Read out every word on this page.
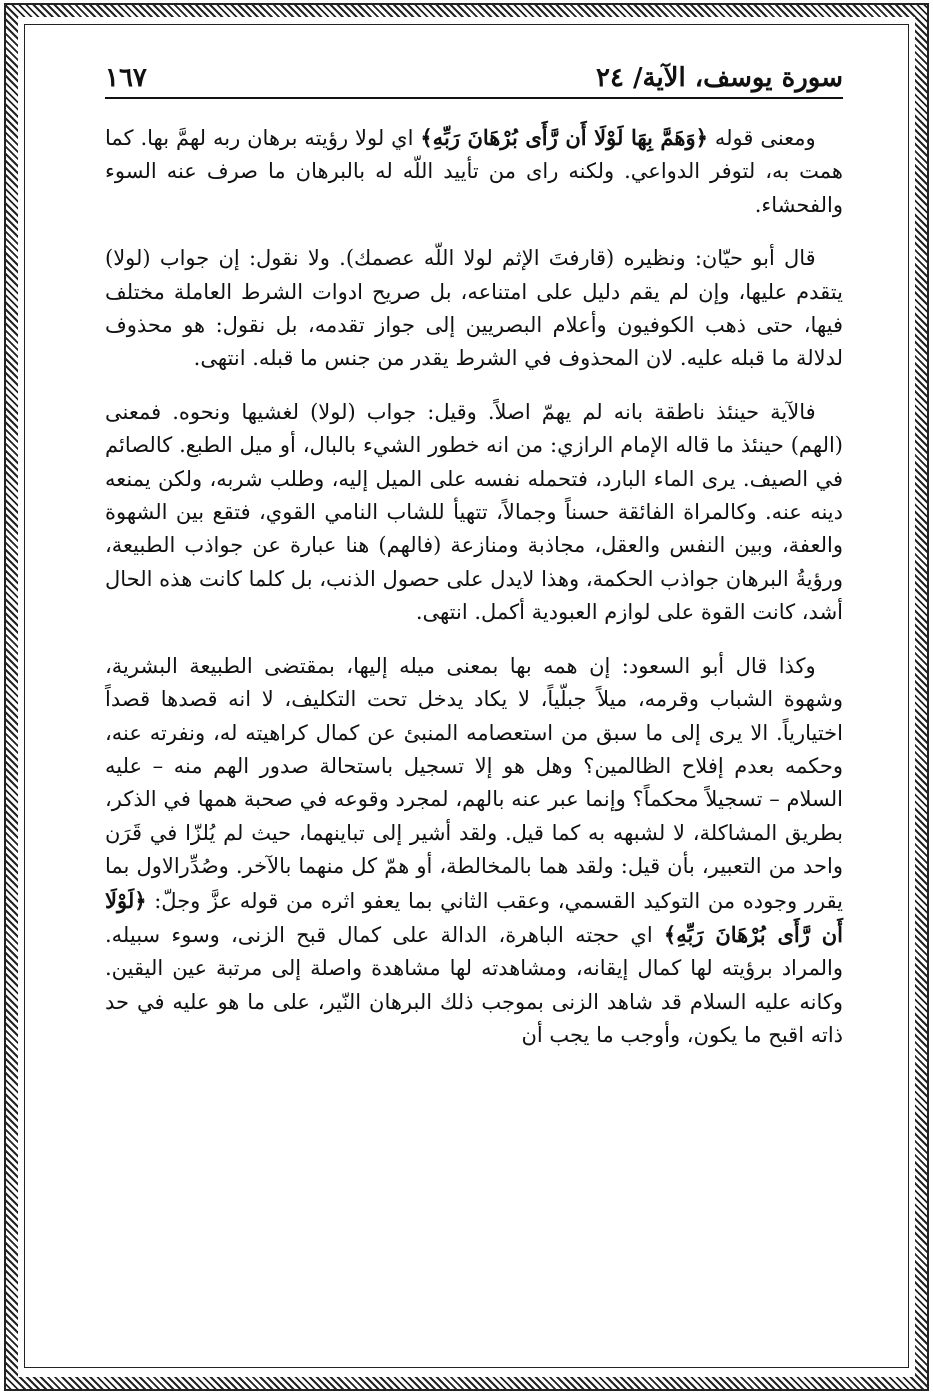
سورة يوسف، الآية/ ٢٤
١٦٧

ومعنى قوله ﴿وَهَمَّ بِهَا لَوْلَا أَن رَّأَى بُرْهَانَ رَبِّهِ﴾ اي لولا رؤيته برهان ربه لهمَّ بها. كما همت به، لتوفر الدواعي. ولكنه راى من تأييد اللّه له بالبرهان ما صرف عنه السوء والفحشاء.

قال أبو حيّان: ونظيره (قارفتَ الإثم لولا اللّه عصمك). ولا نقول: إن جواب (لولا) يتقدم عليها، وإن لم يقم دليل على امتناعه، بل صريح ادوات الشرط العاملة مختلف فيها، حتى ذهب الكوفيون وأعلام البصريين إلى جواز تقدمه، بل نقول: هو محذوف لدلالة ما قبله عليه. لان المحذوف في الشرط يقدر من جنس ما قبله. انتهى.

فالآية حينئذ ناطقة بانه لم يهمّ اصلاً. وقيل: جواب (لولا) لغشيها ونحوه. فمعنى (الهم) حينئذ ما قاله الإمام الرازي: من انه خطور الشيء بالبال، أو ميل الطبع. كالصائم في الصيف. يرى الماء البارد، فتحمله نفسه على الميل إليه، وطلب شربه، ولكن يمنعه دينه عنه. وكالمراة الفائقة حسناً وجمالاً، تتهيأ للشاب النامي القوي، فتقع بين الشهوة والعفة، وبين النفس والعقل، مجاذبة ومنازعة (فالهم) هنا عبارة عن جواذب الطبيعة، ورؤيةُ البرهان جواذب الحكمة، وهذا لايدل على حصول الذنب، بل كلما كانت هذه الحال أشد، كانت القوة على لوازم العبودية أكمل. انتهى.

وكذا قال أبو السعود: إن همه بها بمعنى ميله إليها، بمقتضى الطبيعة البشرية، وشهوة الشباب وقرمه، ميلاً جبلّياً، لا يكاد يدخل تحت التكليف، لا انه قصدها قصداً اختيارياً. الا يرى إلى ما سبق من استعصامه المنبئ عن كمال كراهيته له، ونفرته عنه، وحكمه بعدم إفلاح الظالمين؟ وهل هو إلا تسجيل باستحالة صدور الهم منه – عليه السلام – تسجيلاً محكماً؟ وإنما عبر عنه بالهم، لمجرد وقوعه في صحبة همها في الذكر، بطريق المشاكلة، لا لشبهه به كما قيل. ولقد أشير إلى تباينهما، حيث لم يُلزّا في قَرَن واحد من التعبير، بأن قيل: ولقد هما بالمخالطة، أو همّ كل منهما بالآخر. وصُدِّرالاول بما يقرر وجوده من التوكيد القسمي، وعقب الثاني بما يعفو اثره من قوله عزَّ وجلّ: ﴿لَوْلَا أَن رَّأَى بُرْهَانَ رَبِّهِ﴾ اي حجته الباهرة، الدالة على كمال قبح الزنى، وسوء سبيله. والمراد برؤيته لها كمال إيقانه، ومشاهدته لها مشاهدة واصلة إلى مرتبة عين اليقين. وكانه عليه السلام قد شاهد الزنى بموجب ذلك البرهان النّير، على ما هو عليه في حد ذاته اقبح ما يكون، وأوجب ما يجب أن
